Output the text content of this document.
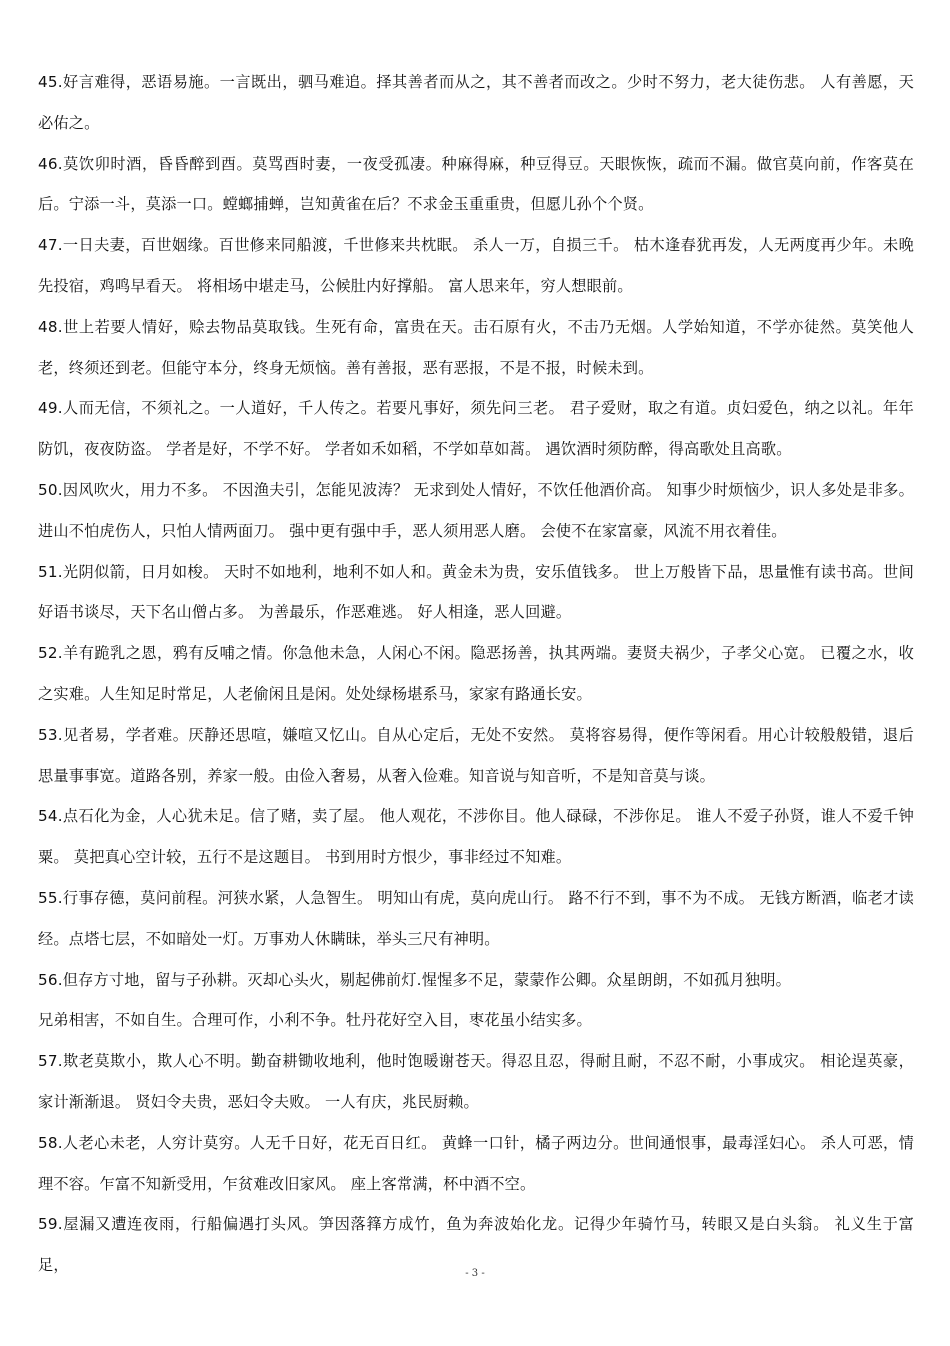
45.好言难得，恶语易施。一言既出，驷马难追。择其善者而从之，其不善者而改之。少时不努力，老大徒伤悲。 人有善愿，天必佑之。

46.莫饮卯时酒，昏昏醉到酉。莫骂酉时妻，一夜受孤凄。种麻得麻，种豆得豆。天眼恢恢，疏而不漏。做官莫向前，作客莫在后。宁添一斗，莫添一口。螳螂捕蝉，岂知黄雀在后？不求金玉重重贵，但愿儿孙个个贤。

47.一日夫妻，百世姻缘。百世修来同船渡，千世修来共枕眠。 杀人一万，自损三千。 枯木逢春犹再发，人无两度再少年。未晚先投宿，鸡鸣早看天。 将相场中堪走马，公候肚内好撑船。 富人思来年，穷人想眼前。

48.世上若要人情好，赊去物品莫取钱。生死有命，富贵在天。击石原有火，不击乃无烟。人学始知道，不学亦徒然。莫笑他人老，终须还到老。但能守本分，终身无烦恼。善有善报，恶有恶报，不是不报，时候未到。

49.人而无信，不须礼之。一人道好，千人传之。若要凡事好，须先问三老。 君子爱财，取之有道。贞妇爱色，纳之以礼。年年防饥，夜夜防盗。 学者是好，不学不好。 学者如禾如稻，不学如草如蒿。 遇饮酒时须防醉，得高歌处且高歌。

50.因风吹火，用力不多。 不因渔夫引，怎能见波涛？ 无求到处人情好，不饮任他酒价高。 知事少时烦恼少，识人多处是非多。进山不怕虎伤人，只怕人情两面刀。 强中更有强中手，恶人须用恶人磨。 会使不在家富豪，风流不用衣着佳。

51.光阴似箭，日月如梭。 天时不如地利，地利不如人和。黄金未为贵，安乐值钱多。 世上万般皆下品，思量惟有读书高。世间好语书谈尽，天下名山僧占多。 为善最乐，作恶难逃。 好人相逢，恶人回避。

52.羊有跪乳之恩，鸦有反哺之情。你急他未急，人闲心不闲。隐恶扬善，执其两端。妻贤夫祸少，子孝父心宽。 已覆之水，收之实难。人生知足时常足，人老偷闲且是闲。处处绿杨堪系马，家家有路通长安。

53.见者易，学者难。厌静还思喧，嫌喧又忆山。自从心定后，无处不安然。 莫将容易得，便作等闲看。用心计较般般错，退后思量事事宽。道路各别，养家一般。由俭入奢易，从奢入俭难。知音说与知音听，不是知音莫与谈。

54.点石化为金，人心犹未足。信了赌，卖了屋。 他人观花，不涉你目。他人碌碌，不涉你足。 谁人不爱子孙贤，谁人不爱千钟粟。 莫把真心空计较，五行不是这题目。 书到用时方恨少，事非经过不知难。

55.行事存德，莫问前程。河狭水紧，人急智生。 明知山有虎，莫向虎山行。 路不行不到，事不为不成。 无钱方断酒，临老才读经。点塔七层，不如暗处一灯。万事劝人休瞒昧，举头三尺有神明。

56.但存方寸地，留与子孙耕。灭却心头火，剔起佛前灯.惺惺多不足，蒙蒙作公卿。众星朗朗，不如孤月独明。

兄弟相害，不如自生。合理可作，小利不争。牡丹花好空入目，枣花虽小结实多。

57.欺老莫欺小，欺人心不明。勤奋耕锄收地利，他时饱暖谢苍天。得忍且忍，得耐且耐，不忍不耐，小事成灾。 相论逞英豪，家计渐渐退。 贤妇令夫贵，恶妇令夫败。 一人有庆，兆民厨赖。

58.人老心未老，人穷计莫穷。人无千日好，花无百日红。 黄蜂一口针，橘子两边分。世间通恨事，最毒淫妇心。 杀人可恶，情理不容。乍富不知新受用，乍贫难改旧家风。 座上客常满，杯中酒不空。

59.屋漏又遭连夜雨，行船偏遇打头风。笋因落箨方成竹，鱼为奔波始化龙。记得少年骑竹马，转眼又是白头翁。 礼义生于富足，	- 3 -
